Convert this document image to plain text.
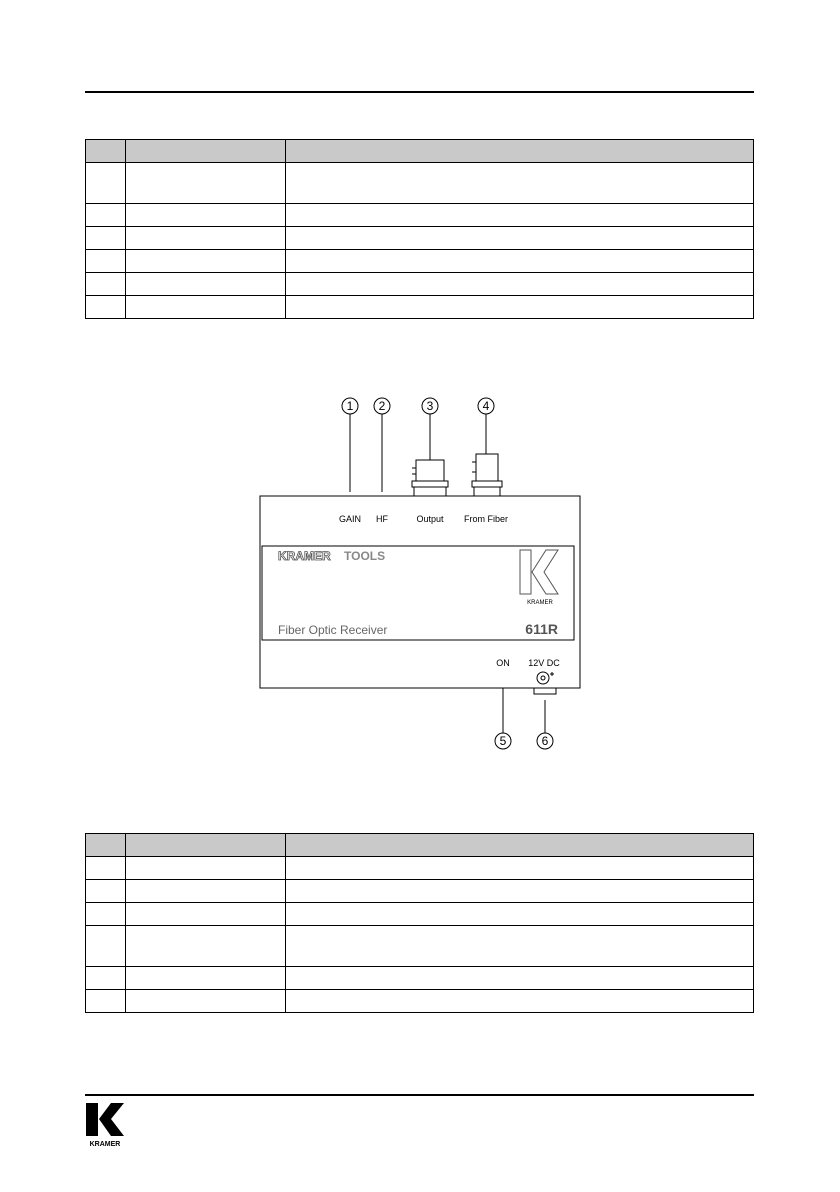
1 2	3	4
5	6
GAIN HF	Output From Fiber
KRAMER TOOLS
KRAMER
Fiber Optic Receiver	611R
ON 12V DC

KRAMER
